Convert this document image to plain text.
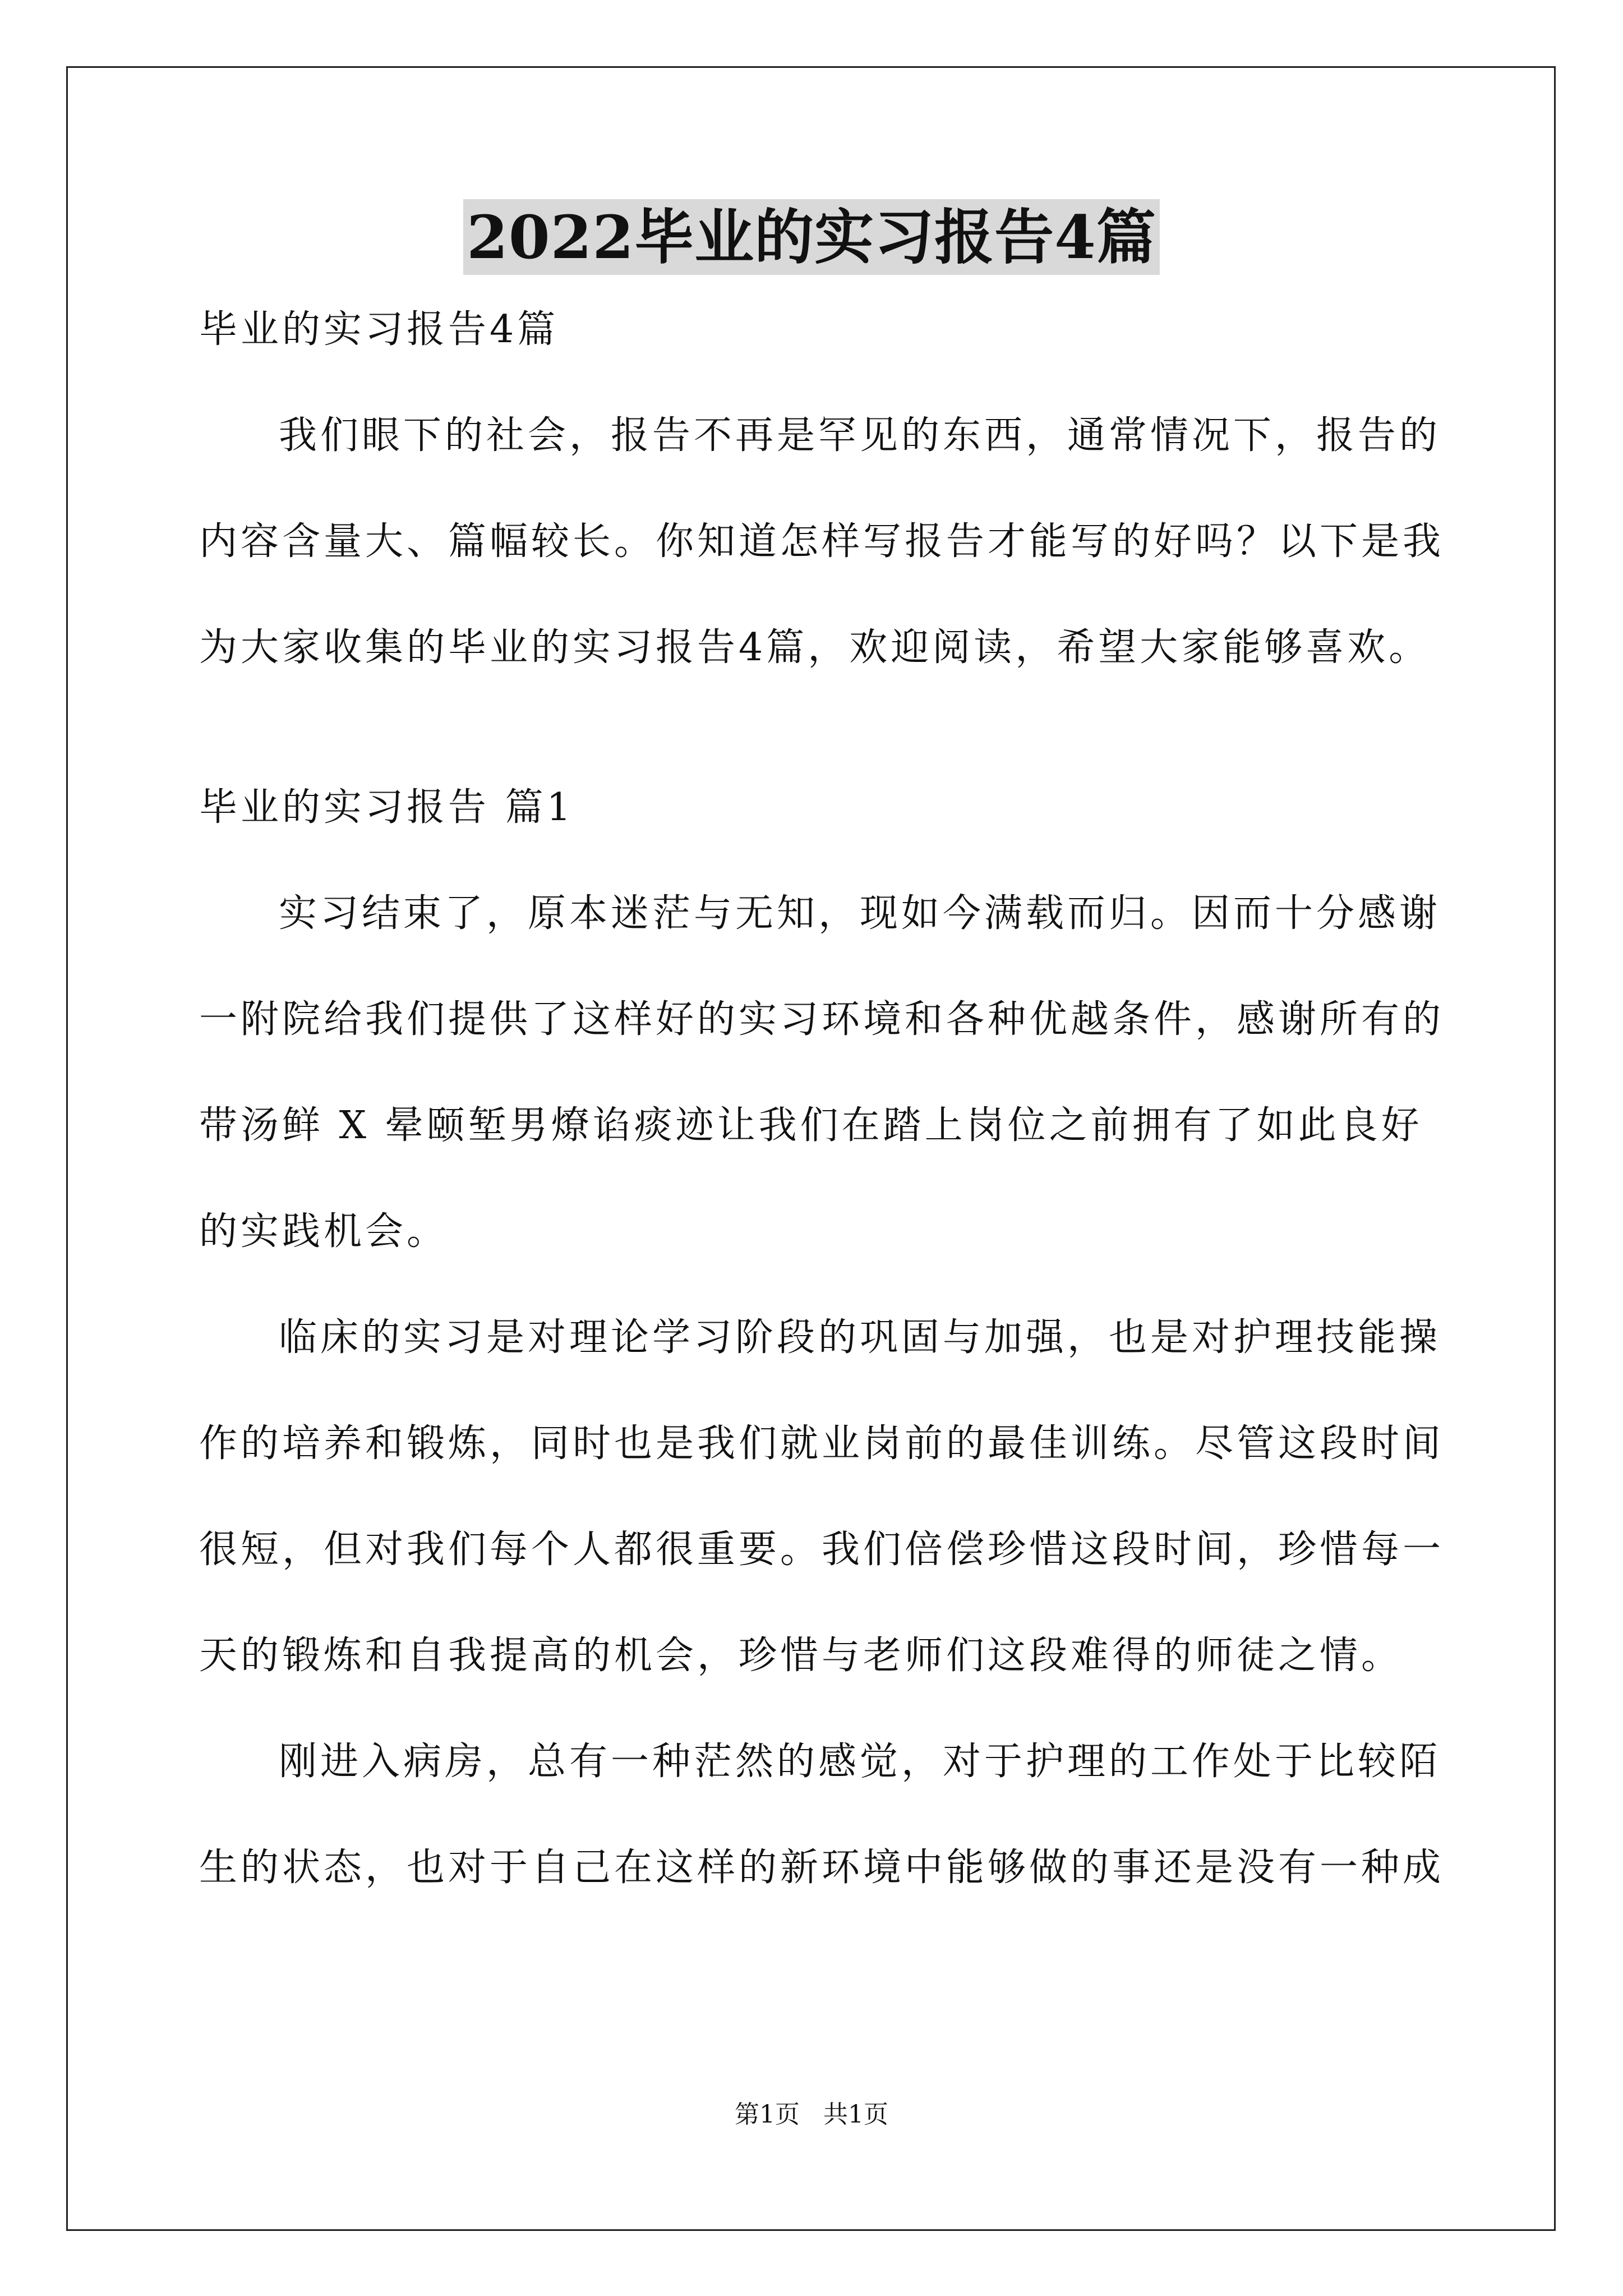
2022毕业的实习报告4篇
毕业的实习报告4篇
我们眼下的社会，报告不再是罕见的东西，通常情况下，报告的
内容含量大、篇幅较长。你知道怎样写报告才能写的好吗？以下是我
为大家收集的毕业的实习报告4篇，欢迎阅读，希望大家能够喜欢。
毕业的实习报告 篇1
实习结束了，原本迷茫与无知，现如今满载而归。因而十分感谢
一附院给我们提供了这样好的实习环境和各种优越条件，感谢所有的
带汤鲜 X 晕颐堑男燎谄痰迹让我们在踏上岗位之前拥有了如此良好
的实践机会。
临床的实习是对理论学习阶段的巩固与加强，也是对护理技能操
作的培养和锻炼，同时也是我们就业岗前的最佳训练。尽管这段时间
很短，但对我们每个人都很重要。我们倍偿珍惜这段时间，珍惜每一
天的锻炼和自我提高的机会，珍惜与老师们这段难得的师徒之情。
刚进入病房，总有一种茫然的感觉，对于护理的工作处于比较陌
生的状态，也对于自己在这样的新环境中能够做的事还是没有一种成
第1页 共1页
